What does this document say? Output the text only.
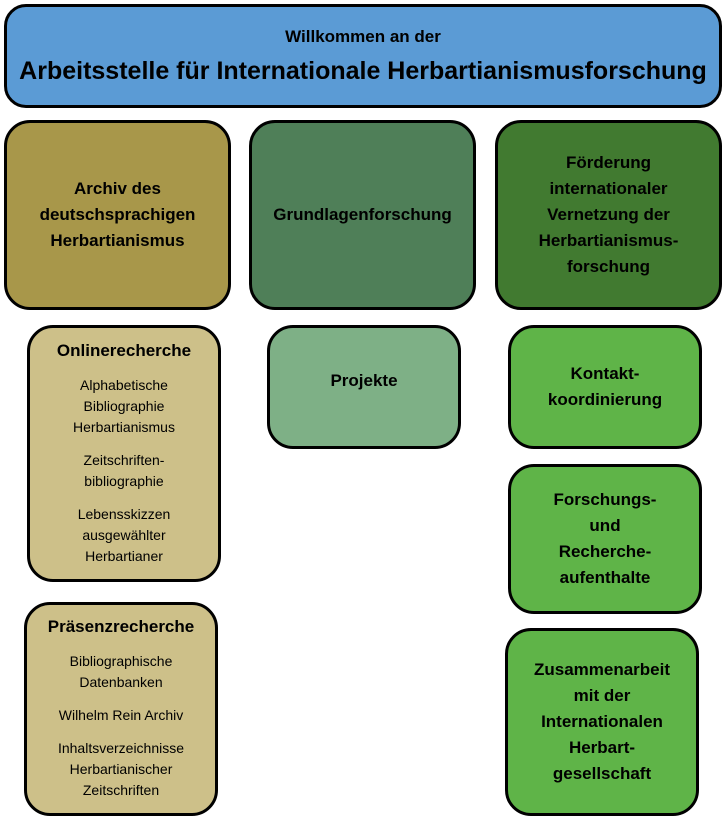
Willkommen an der
Arbeitsstelle für Internationale Herbartianismusforschung
Archiv des
deutschsprachigen
Herbartianismus
Onlinerecherche
Alphabetische
Bibliographie
Herbartianismus
Zeitschriften-
bibliographie
Lebensskizzen
ausgewählter
Herbartianer
Präsenzrecherche
Bibliographische
Datenbanken
Wilhelm Rein Archiv
Inhaltsverzeichnisse
Herbartianischer
Zeitschriften
Grundlagenforschung
Projekte
Förderung
internationaler
Vernetzung der
Herbartianismus-
forschung
Kontakt-
koordinierung
Forschungs-
und
Recherche-
aufenthalte
Zusammenarbeit
mit der
Internationalen
Herbart-
gesellschaft
